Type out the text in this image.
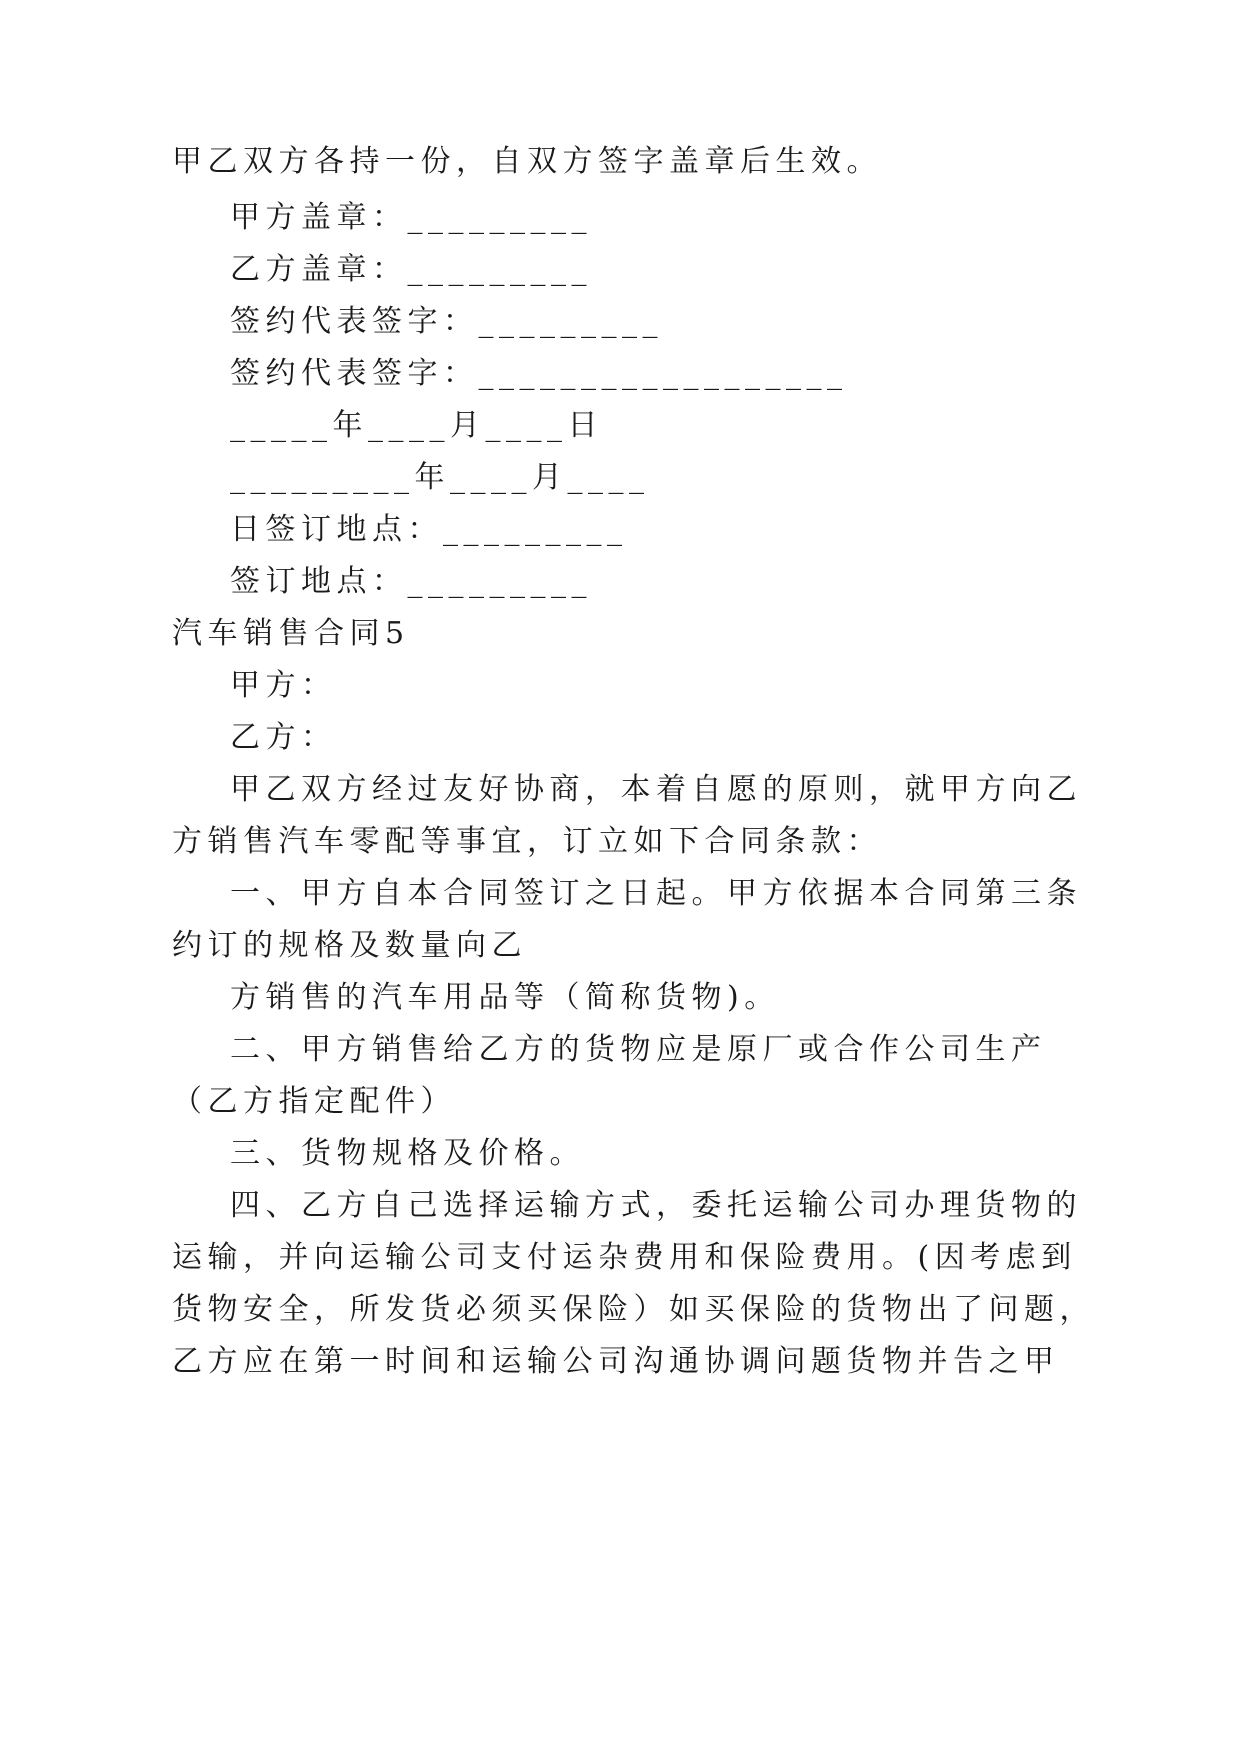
甲乙双方各持一份，自双方签字盖章后生效。
甲方盖章：_________
乙方盖章：_________
签约代表签字：_________
签约代表签字：__________________
_____年____月____日
_________年____月____
日签订地点：_________
签订地点：_________
汽车销售合同5
甲方：
乙方：
甲乙双方经过友好协商，本着自愿的原则，就甲方向乙
方销售汽车零配等事宜，订立如下合同条款：
一、甲方自本合同签订之日起。甲方依据本合同第三条
约订的规格及数量向乙
方销售的汽车用品等（简称货物)。
二、甲方销售给乙方的货物应是原厂或合作公司生产
（乙方指定配件）
三、货物规格及价格。
四、乙方自己选择运输方式，委托运输公司办理货物的
运输，并向运输公司支付运杂费用和保险费用。(因考虑到
货物安全，所发货必须买保险）如买保险的货物出了问题，
乙方应在第一时间和运输公司沟通协调问题货物并告之甲
